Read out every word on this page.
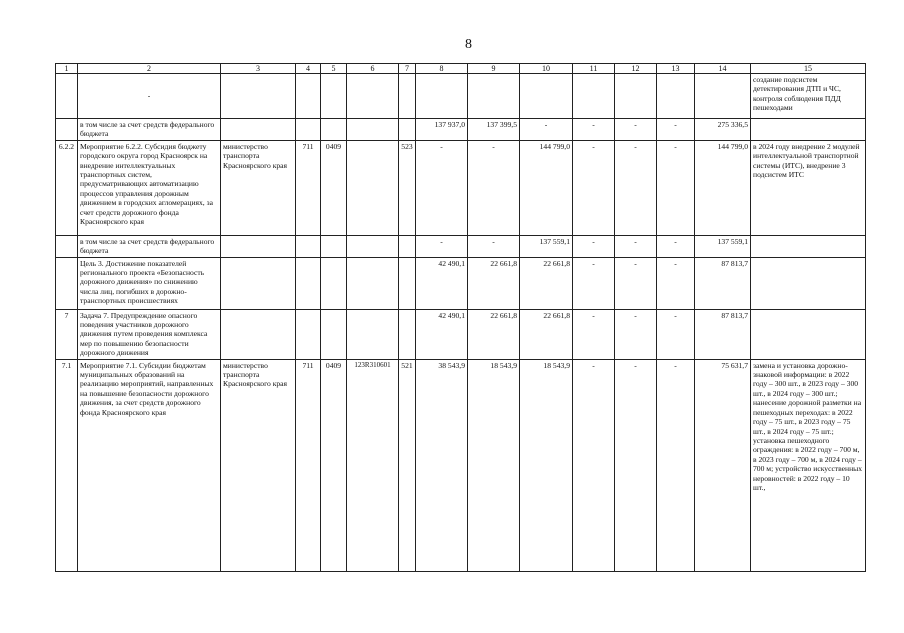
8
1	2	3	4	5	6	7	8	9	10	11	12	13	14	15
	-													создание подсистем детектирования ДТП и ЧС, контроля соблюдения ПДД пешеходами
	в том числе за счет средств федерального бюджета						137 937,0	137 399,5	-	-	-	-	275 336,5	
6.2.2	Мероприятие 6.2.2. Субсидия бюджету городского округа город Красноярск на внедрение интеллектуальных транспортных систем, предусматривающих автоматизацию процессов управления дорожным движением в городских агломерациях, за счет средств дорожного фонда Красноярского края	министерство транспорта Красноярского края	711	0409		523	-	-	144 799,0	-	-	-	144 799,0	в 2024 году внедрение 2 модулей интеллектуальной транспортной системы (ИТС), внедрение 3 подсистем ИТС
	в том числе за счет средств федерального бюджета						-	-	137 559,1	-	-	-	137 559,1	
	Цель 3. Достижение показателей регионального проекта «Безопасность дорожного движения» по снижению числа лиц, погибших в дорожно-транспортных происшествиях						42 490,1	22 661,8	22 661,8	-	-	-	87 813,7	
7	Задача 7. Предупреждение опасного поведения участников дорожного движения путем проведения комплекса мер по повышению безопасности дорожного движения						42 490,1	22 661,8	22 661,8	-	-	-	87 813,7	
7.1	Мероприятие 7.1. Субсидии бюджетам муниципальных образований на реализацию мероприятий, направленных на повышение безопасности дорожного движения, за счет средств дорожного фонда Красноярского края	министерство транспорта Красноярского края	711	0409	123R310601	521	38 543,9	18 543,9	18 543,9	-	-	-	75 631,7	замена и установка дорожно-знаковой информации: в 2022 году – 300 шт., в 2023 году – 300 шт., в 2024 году – 300 шт.; нанесение дорожной разметки на пешеходных переходах: в 2022 году – 75 шт., в 2023 году – 75 шт., в 2024 году – 75 шт.; установка пешеходного ограждения: в 2022 году – 700 м, в 2023 году – 700 м, в 2024 году – 700 м; устройство искусственных неровностей: в 2022 году – 10 шт.,
